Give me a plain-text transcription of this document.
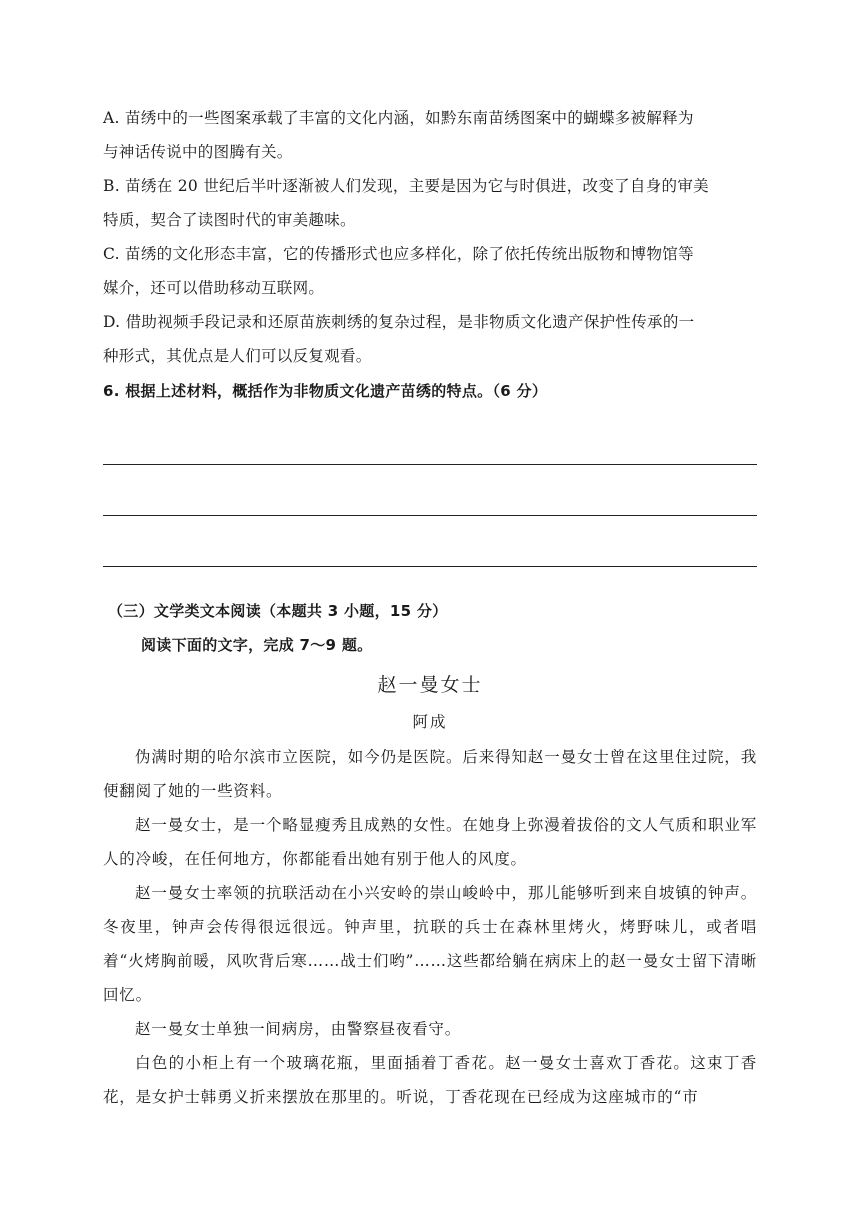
A. 苗绣中的一些图案承载了丰富的文化内涵，如黔东南苗绣图案中的蝴蝶多被解释为
与神话传说中的图腾有关。
B. 苗绣在 20 世纪后半叶逐渐被人们发现，主要是因为它与时俱进，改变了自身的审美
特质，契合了读图时代的审美趣味。
C. 苗绣的文化形态丰富，它的传播形式也应多样化，除了依托传统出版物和博物馆等
媒介，还可以借助移动互联网。
D. 借助视频手段记录和还原苗族刺绣的复杂过程，是非物质文化遗产保护性传承的一
种形式，其优点是人们可以反复观看。
6. 根据上述材料，概括作为非物质文化遗产苗绣的特点。（6 分）
（三）文学类文本阅读（本题共 3 小题，15 分）
阅读下面的文字，完成 7～9 题。
赵一曼女士
阿成
伪满时期的哈尔滨市立医院，如今仍是医院。后来得知赵一曼女士曾在这里住过院，我便翻阅了她的一些资料。
赵一曼女士，是一个略显瘦秀且成熟的女性。在她身上弥漫着拔俗的文人气质和职业军人的冷峻，在任何地方，你都能看出她有别于他人的风度。
赵一曼女士率领的抗联活动在小兴安岭的崇山峻岭中，那儿能够听到来自坡镇的钟声。冬夜里，钟声会传得很远很远。钟声里，抗联的兵士在森林里烤火，烤野味儿，或者唱着“火烤胸前暖，风吹背后寒……战士们哟”……这些都给躺在病床上的赵一曼女士留下清晰回忆。
赵一曼女士单独一间病房，由警察昼夜看守。
白色的小柜上有一个玻璃花瓶，里面插着丁香花。赵一曼女士喜欢丁香花。这束丁香花，是女护士韩勇义折来摆放在那里的。听说，丁香花现在已经成为这座城市的“市
